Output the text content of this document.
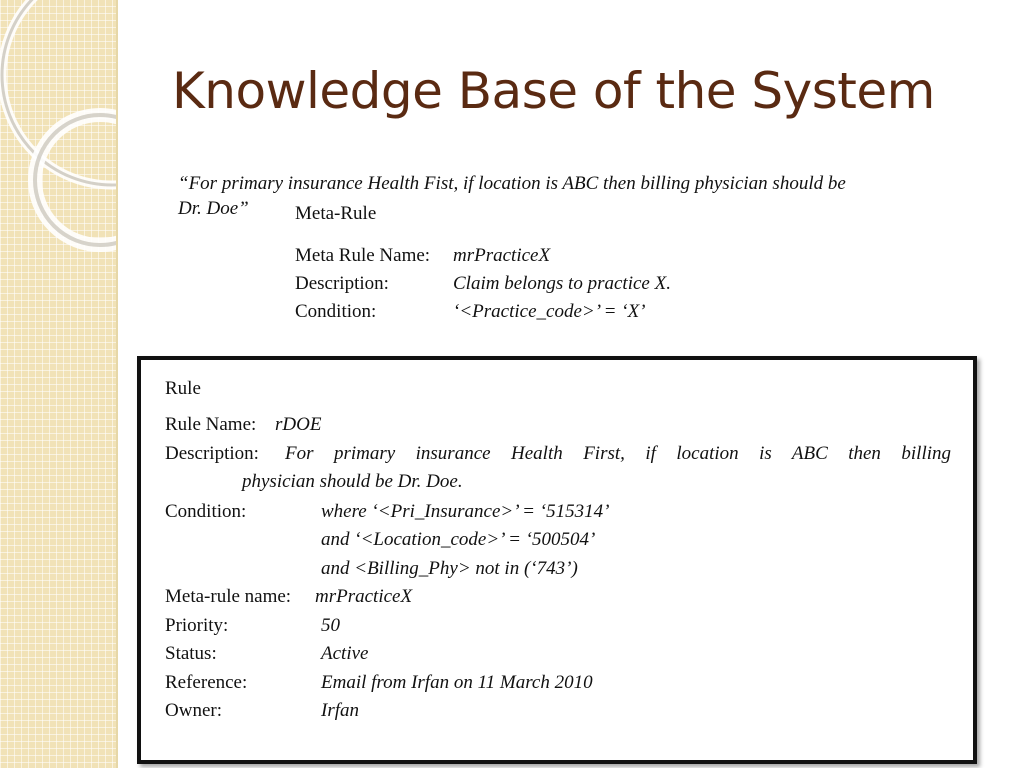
Knowledge Base of the System
“For primary insurance Health Fist, if location is ABC then billing physician should be
Dr. Doe” Meta-Rule
Meta Rule Name: mrPracticeX
Description:	Claim belongs to practice X.
Condition:	‘<Practice_code>’ = ‘X’
Rule
Rule Name: rDOE
Description: For primary insurance Health First, if location is ABC then billing
physician should be Dr. Doe.
Condition:	where ‘<Pri_Insurance>’ = ‘515314’
and ‘<Location_code>’ = ‘500504’
and <Billing_Phy> not in (‘743’)
Meta-rule name: mrPracticeX
Priority:	50
Status:	Active
Reference:	Email from Irfan on 11 March 2010
Owner:	Irfan
